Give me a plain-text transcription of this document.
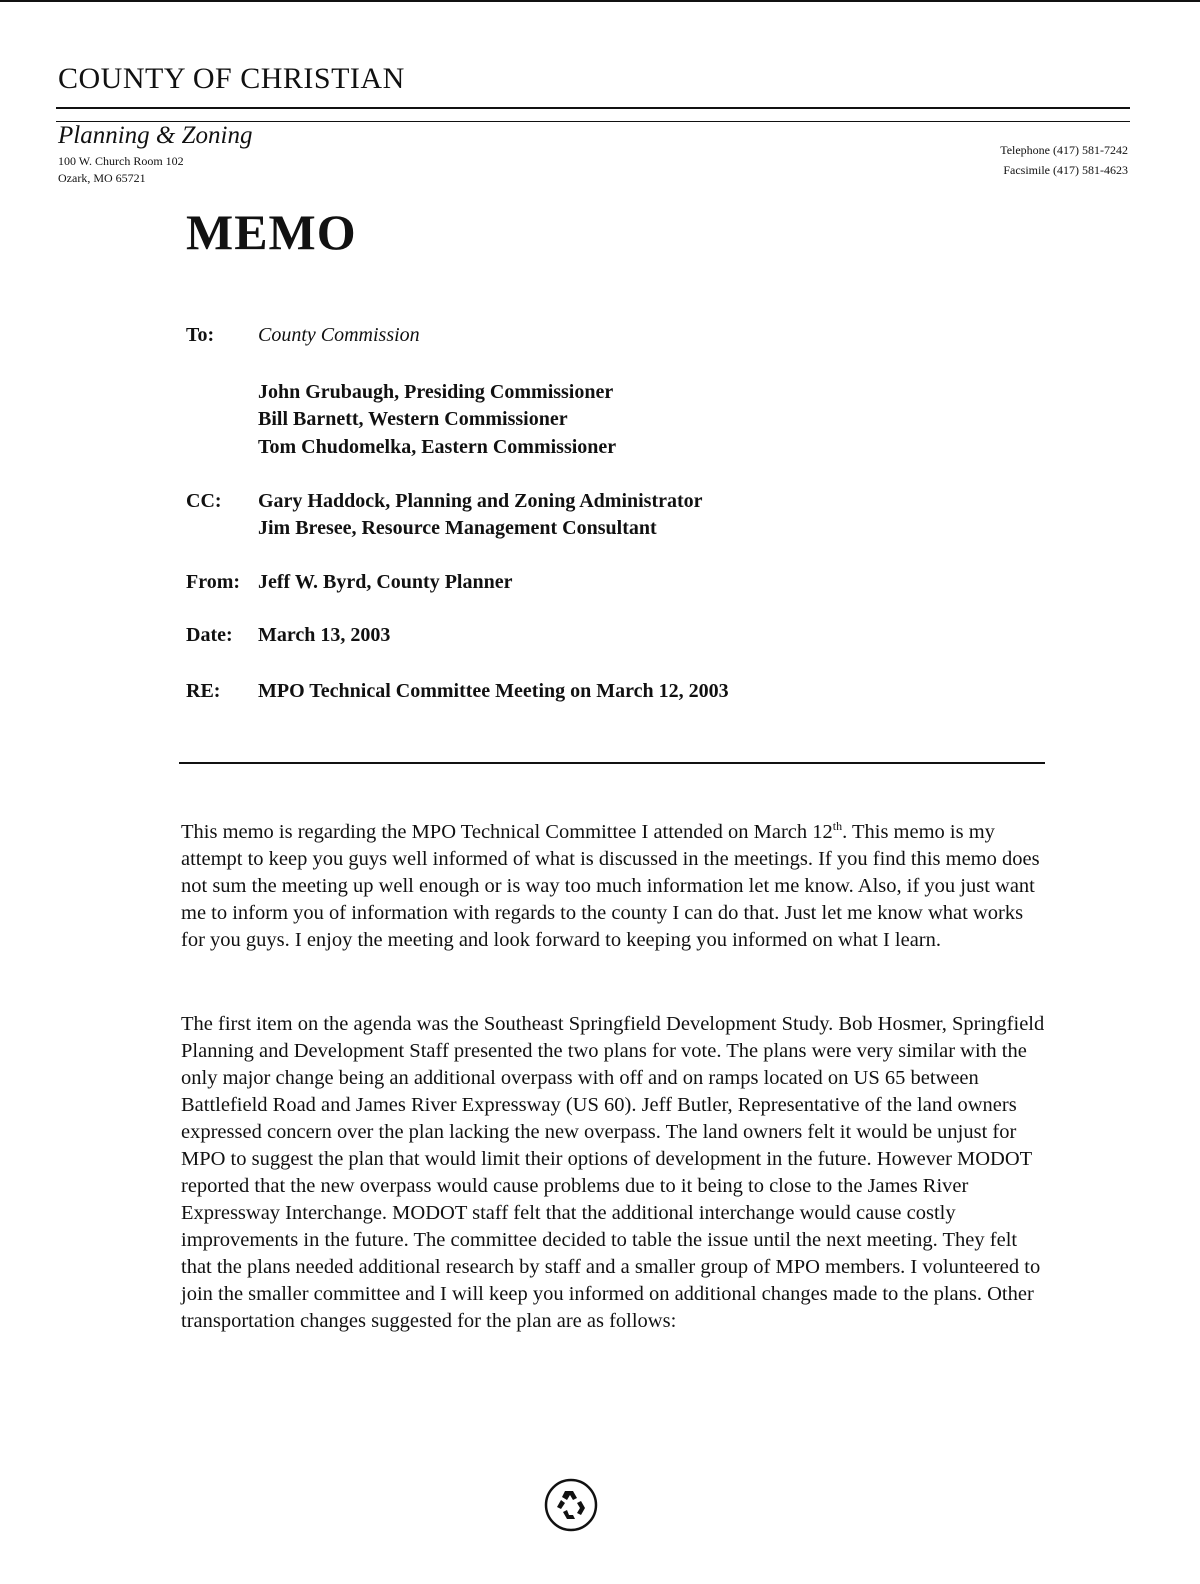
COUNTY OF CHRISTIAN
Planning & Zoning
100 W. Church Room 102
Ozark, MO 65721
Telephone (417) 581-7242
Facsimile (417) 581-4623
MEMO
To: County Commission
John Grubaugh, Presiding Commissioner
Bill Barnett, Western Commissioner
Tom Chudomelka, Eastern Commissioner
CC: Gary Haddock, Planning and Zoning Administrator
Jim Bresee, Resource Management Consultant
From: Jeff W. Byrd, County Planner
Date: March 13, 2003
RE: MPO Technical Committee Meeting on March 12, 2003

This memo is regarding the MPO Technical Committee I attended on March 12th. This memo is my attempt to keep you guys well informed of what is discussed in the meetings. If you find this memo does not sum the meeting up well enough or is way too much information let me know. Also, if you just want me to inform you of information with regards to the county I can do that. Just let me know what works for you guys. I enjoy the meeting and look forward to keeping you informed on what I learn.

The first item on the agenda was the Southeast Springfield Development Study. Bob Hosmer, Springfield Planning and Development Staff presented the two plans for vote. The plans were very similar with the only major change being an additional overpass with off and on ramps located on US 65 between Battlefield Road and James River Expressway (US 60). Jeff Butler, Representative of the land owners expressed concern over the plan lacking the new overpass. The land owners felt it would be unjust for MPO to suggest the plan that would limit their options of development in the future. However MODOT reported that the new overpass would cause problems due to it being to close to the James River Expressway Interchange. MODOT staff felt that the additional interchange would cause costly improvements in the future. The committee decided to table the issue until the next meeting. They felt that the plans needed additional research by staff and a smaller group of MPO members. I volunteered to join the smaller committee and I will keep you informed on additional changes made to the plans. Other transportation changes suggested for the plan are as follows:
